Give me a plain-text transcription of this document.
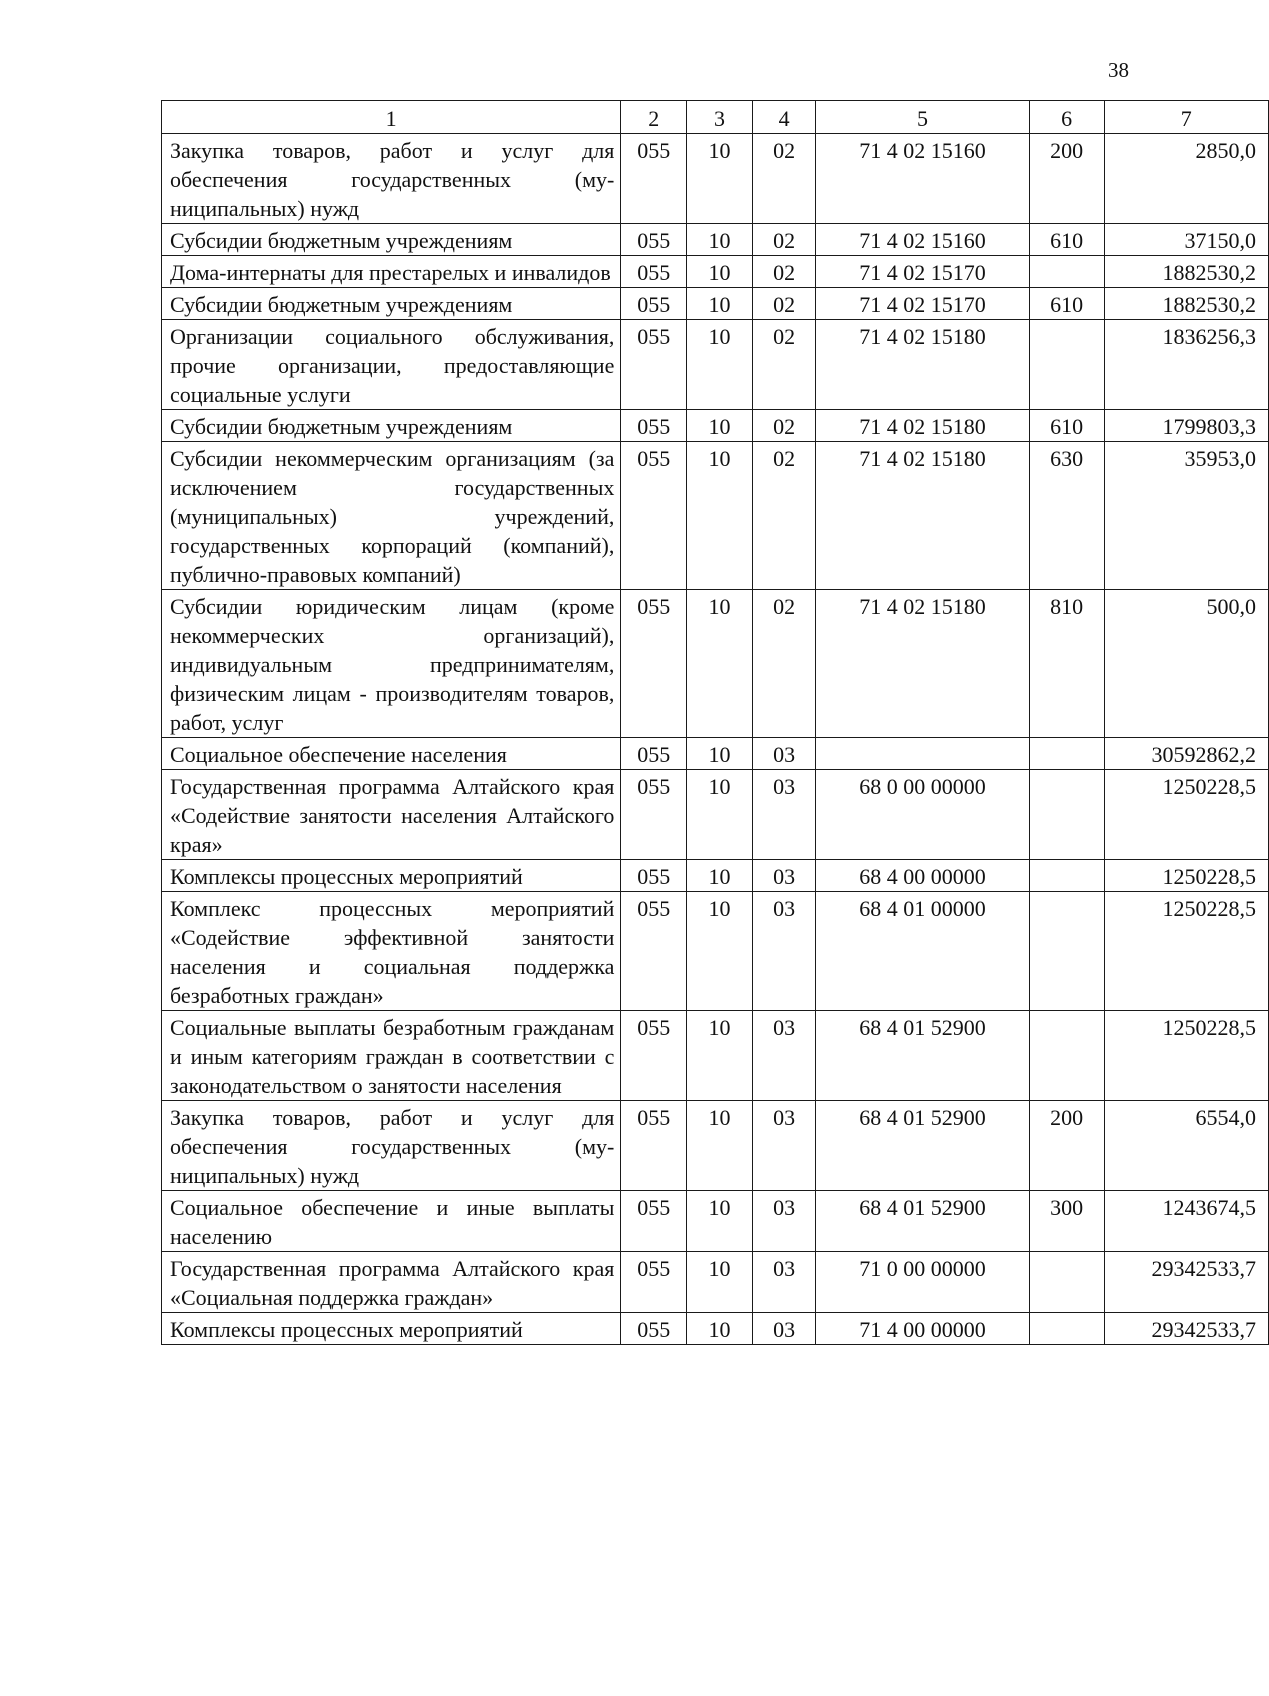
38
1	2	3	4	5	6	7
Закупка товаров, работ и услуг для обеспечения государственных (муниципальных) нужд	055	10	02	71 4 02 15160	200	2850,0
Субсидии бюджетным учреждениям	055	10	02	71 4 02 15160	610	37150,0
Дома-интернаты для престарелых и инвалидов	055	10	02	71 4 02 15170		1882530,2
Субсидии бюджетным учреждениям	055	10	02	71 4 02 15170	610	1882530,2
Организации социального обслуживания, прочие организации, предоставляющие социальные услуги	055	10	02	71 4 02 15180		1836256,3
Субсидии бюджетным учреждениям	055	10	02	71 4 02 15180	610	1799803,3
Субсидии некоммерческим организациям (за исключением государственных (муниципальных) учреждений, государственных корпораций (компаний), публично-правовых компаний)	055	10	02	71 4 02 15180	630	35953,0
Субсидии юридическим лицам (кроме некоммерческих организаций), индивидуальным предпринимателям, физическим лицам - производителям товаров, работ, услуг	055	10	02	71 4 02 15180	810	500,0
Социальное обеспечение населения	055	10	03			30592862,2
Государственная программа Алтайского края «Содействие занятости населения Алтайского края»	055	10	03	68 0 00 00000		1250228,5
Комплексы процессных мероприятий	055	10	03	68 4 00 00000		1250228,5
Комплекс процессных мероприятий «Содействие эффективной занятости населения и социальная поддержка безработных граждан»	055	10	03	68 4 01 00000		1250228,5
Социальные выплаты безработным гражданам и иным категориям граждан в соответствии с законодательством о занятости населения	055	10	03	68 4 01 52900		1250228,5
Закупка товаров, работ и услуг для обеспечения государственных (муниципальных) нужд	055	10	03	68 4 01 52900	200	6554,0
Социальное обеспечение и иные выплаты населению	055	10	03	68 4 01 52900	300	1243674,5
Государственная программа Алтайского края «Социальная поддержка граждан»	055	10	03	71 0 00 00000		29342533,7
Комплексы процессных мероприятий	055	10	03	71 4 00 00000		29342533,7
